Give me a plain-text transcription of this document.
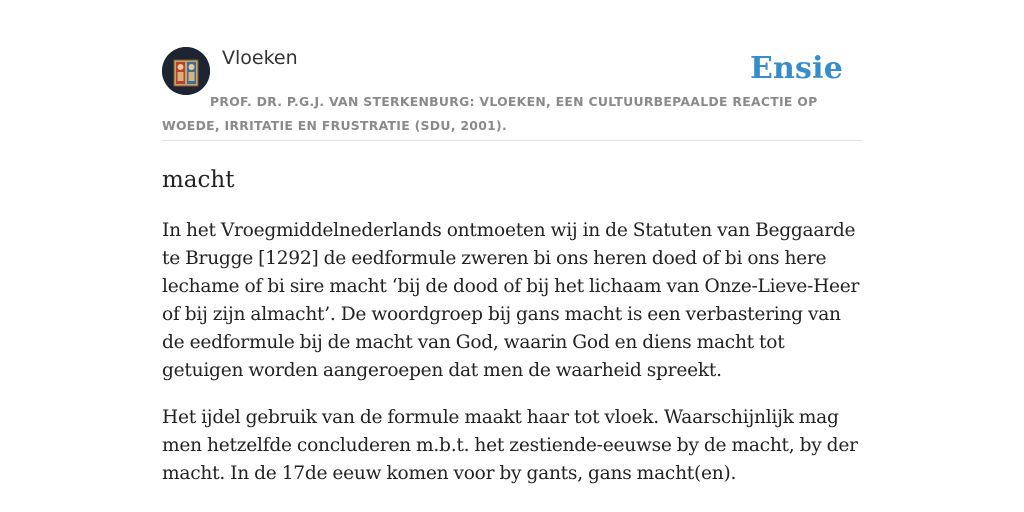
Vloeken	Ensie

PROF. DR. P.G.J. VAN STERKENBURG: VLOEKEN, EEN CULTUURBEPAALDE REACTIE OP WOEDE, IRRITATIE EN FRUSTRATIE (SDU, 2001).

macht

In het Vroegmiddelnederlands ontmoeten wij in de Statuten van Beggaarde te Brugge [1292] de eedformule zweren bi ons heren doed of bi ons here lechame of bi sire macht ‘bij de dood of bij het lichaam van Onze-Lieve-Heer of bij zijn almacht’. De woordgroep bij gans macht is een verbastering van de eedformule bij de macht van God, waarin God en diens macht tot getuigen worden aangeroepen dat men de waarheid spreekt.

Het ijdel gebruik van de formule maakt haar tot vloek. Waarschijnlijk mag men hetzelfde concluderen m.b.t. het zestiende-eeuwse by de macht, by der macht. In de 17de eeuw komen voor by gants, gans macht(en).
